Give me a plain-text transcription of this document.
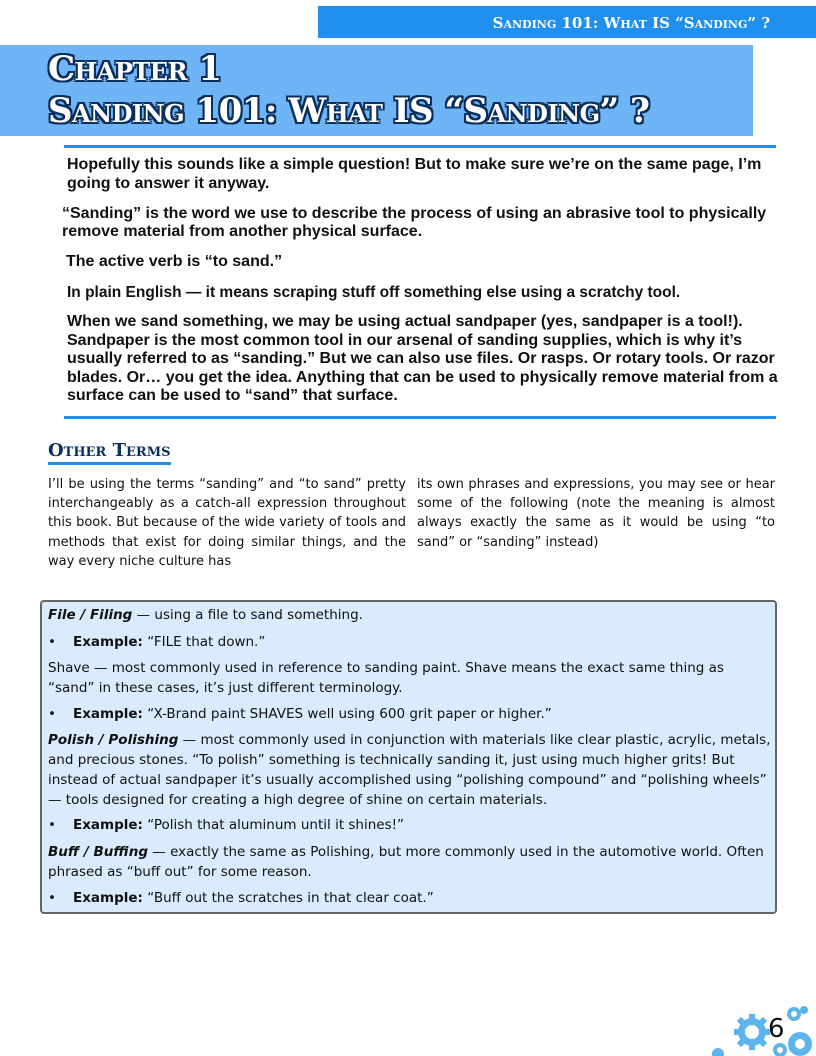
Sanding 101: What IS “Sanding” ?
Chapter 1
Sanding 101: What IS “Sanding” ?

Hopefully this sounds like a simple question! But to make sure we’re on the same page, I’m going to answer it anyway.

“Sanding” is the word we use to describe the process of using an abrasive tool to physically remove material from another physical surface.

The active verb is “to sand.”

In plain English — it means scraping stuff off something else using a scratchy tool.

When we sand something, we may be using actual sandpaper (yes, sandpaper is a tool!). Sandpaper is the most common tool in our arsenal of sanding supplies, which is why it’s usually referred to as “sanding.” But we can also use files. Or rasps. Or rotary tools. Or razor blades. Or… you get the idea. Anything that can be used to physically remove material from a surface can be used to “sand” that surface.

Other Terms

I’ll be using the terms “sanding” and “to sand” pretty interchangeably as a catch-all expression throughout this book. But because of the wide variety of tools and methods that exist for doing similar things, and the way every niche culture has

its own phrases and expressions, you may see or hear some of the following (note the meaning is almost always exactly the same as it would be using “to sand” or “sanding” instead)

File / Filing — using a file to sand something.

• Example: “FILE that down.”

Shave — most commonly used in reference to sanding paint. Shave means the exact same thing as “sand” in these cases, it’s just different terminology.

• Example: “X-Brand paint SHAVES well using 600 grit paper or higher.”

Polish / Polishing — most commonly used in conjunction with materials like clear plastic, acrylic, metals, and precious stones. “To polish” something is technically sanding it, just using much higher grits! But instead of actual sandpaper it’s usually accomplished using “polishing compound” and “polishing wheels” — tools designed for creating a high degree of shine on certain materials.

• Example: “Polish that aluminum until it shines!”

Buff / Buffing — exactly the same as Polishing, but more commonly used in the automotive world. Often phrased as “buff out” for some reason.

• Example: “Buff out the scratches in that clear coat.”

6
